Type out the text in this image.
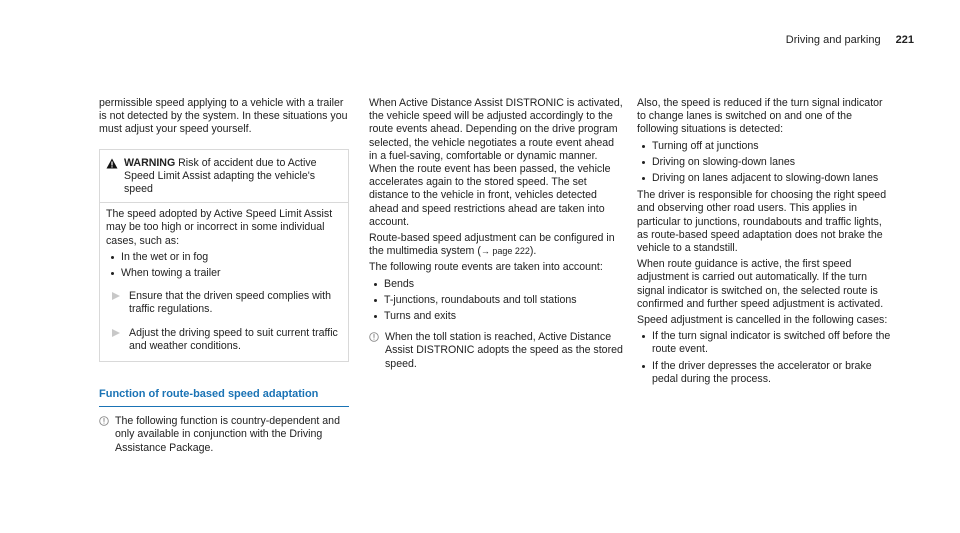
Driving and parking 221

permissible speed applying to a vehicle with a trailer is not detected by the system. In these situations you must adjust your speed yourself.

WARNING Risk of accident due to Active Speed Limit Assist adapting the vehicle's speed

The speed adopted by Active Speed Limit Assist may be too high or incorrect in some individual cases, such as:

In the wet or in fog
When towing a trailer
Ensure that the driven speed complies with traffic regulations.
Adjust the driving speed to suit current traffic and weather conditions.
Function of route-based speed adaptation
The following function is country-dependent and only available in conjunction with the Driving Assistance Package.

When Active Distance Assist DISTRONIC is activated, the vehicle speed will be adjusted accordingly to the route events ahead. Depending on the drive program selected, the vehicle negotiates a route event ahead in a fuel-saving, comfortable or dynamic manner. When the route event has been passed, the vehicle accelerates again to the stored speed. The set distance to the vehicle in front, vehicles detected ahead and speed restrictions ahead are taken into account.

Route-based speed adjustment can be configured in the multimedia system (→ page 222).

The following route events are taken into account:

Bends
T-junctions, roundabouts and toll stations
Turns and exits
When the toll station is reached, Active Distance Assist DISTRONIC adopts the speed as the stored speed.

Also, the speed is reduced if the turn signal indicator to change lanes is switched on and one of the following situations is detected:

Turning off at junctions
Driving on slowing-down lanes
Driving on lanes adjacent to slowing-down lanes

The driver is responsible for choosing the right speed and observing other road users. This applies in particular to junctions, roundabouts and traffic lights, as route-based speed adaptation does not brake the vehicle to a standstill.

When route guidance is active, the first speed adjustment is carried out automatically. If the turn signal indicator is switched on, the selected route is confirmed and further speed adjustment is activated.

Speed adjustment is cancelled in the following cases:

If the turn signal indicator is switched off before the route event.
If the driver depresses the accelerator or brake pedal during the process.
